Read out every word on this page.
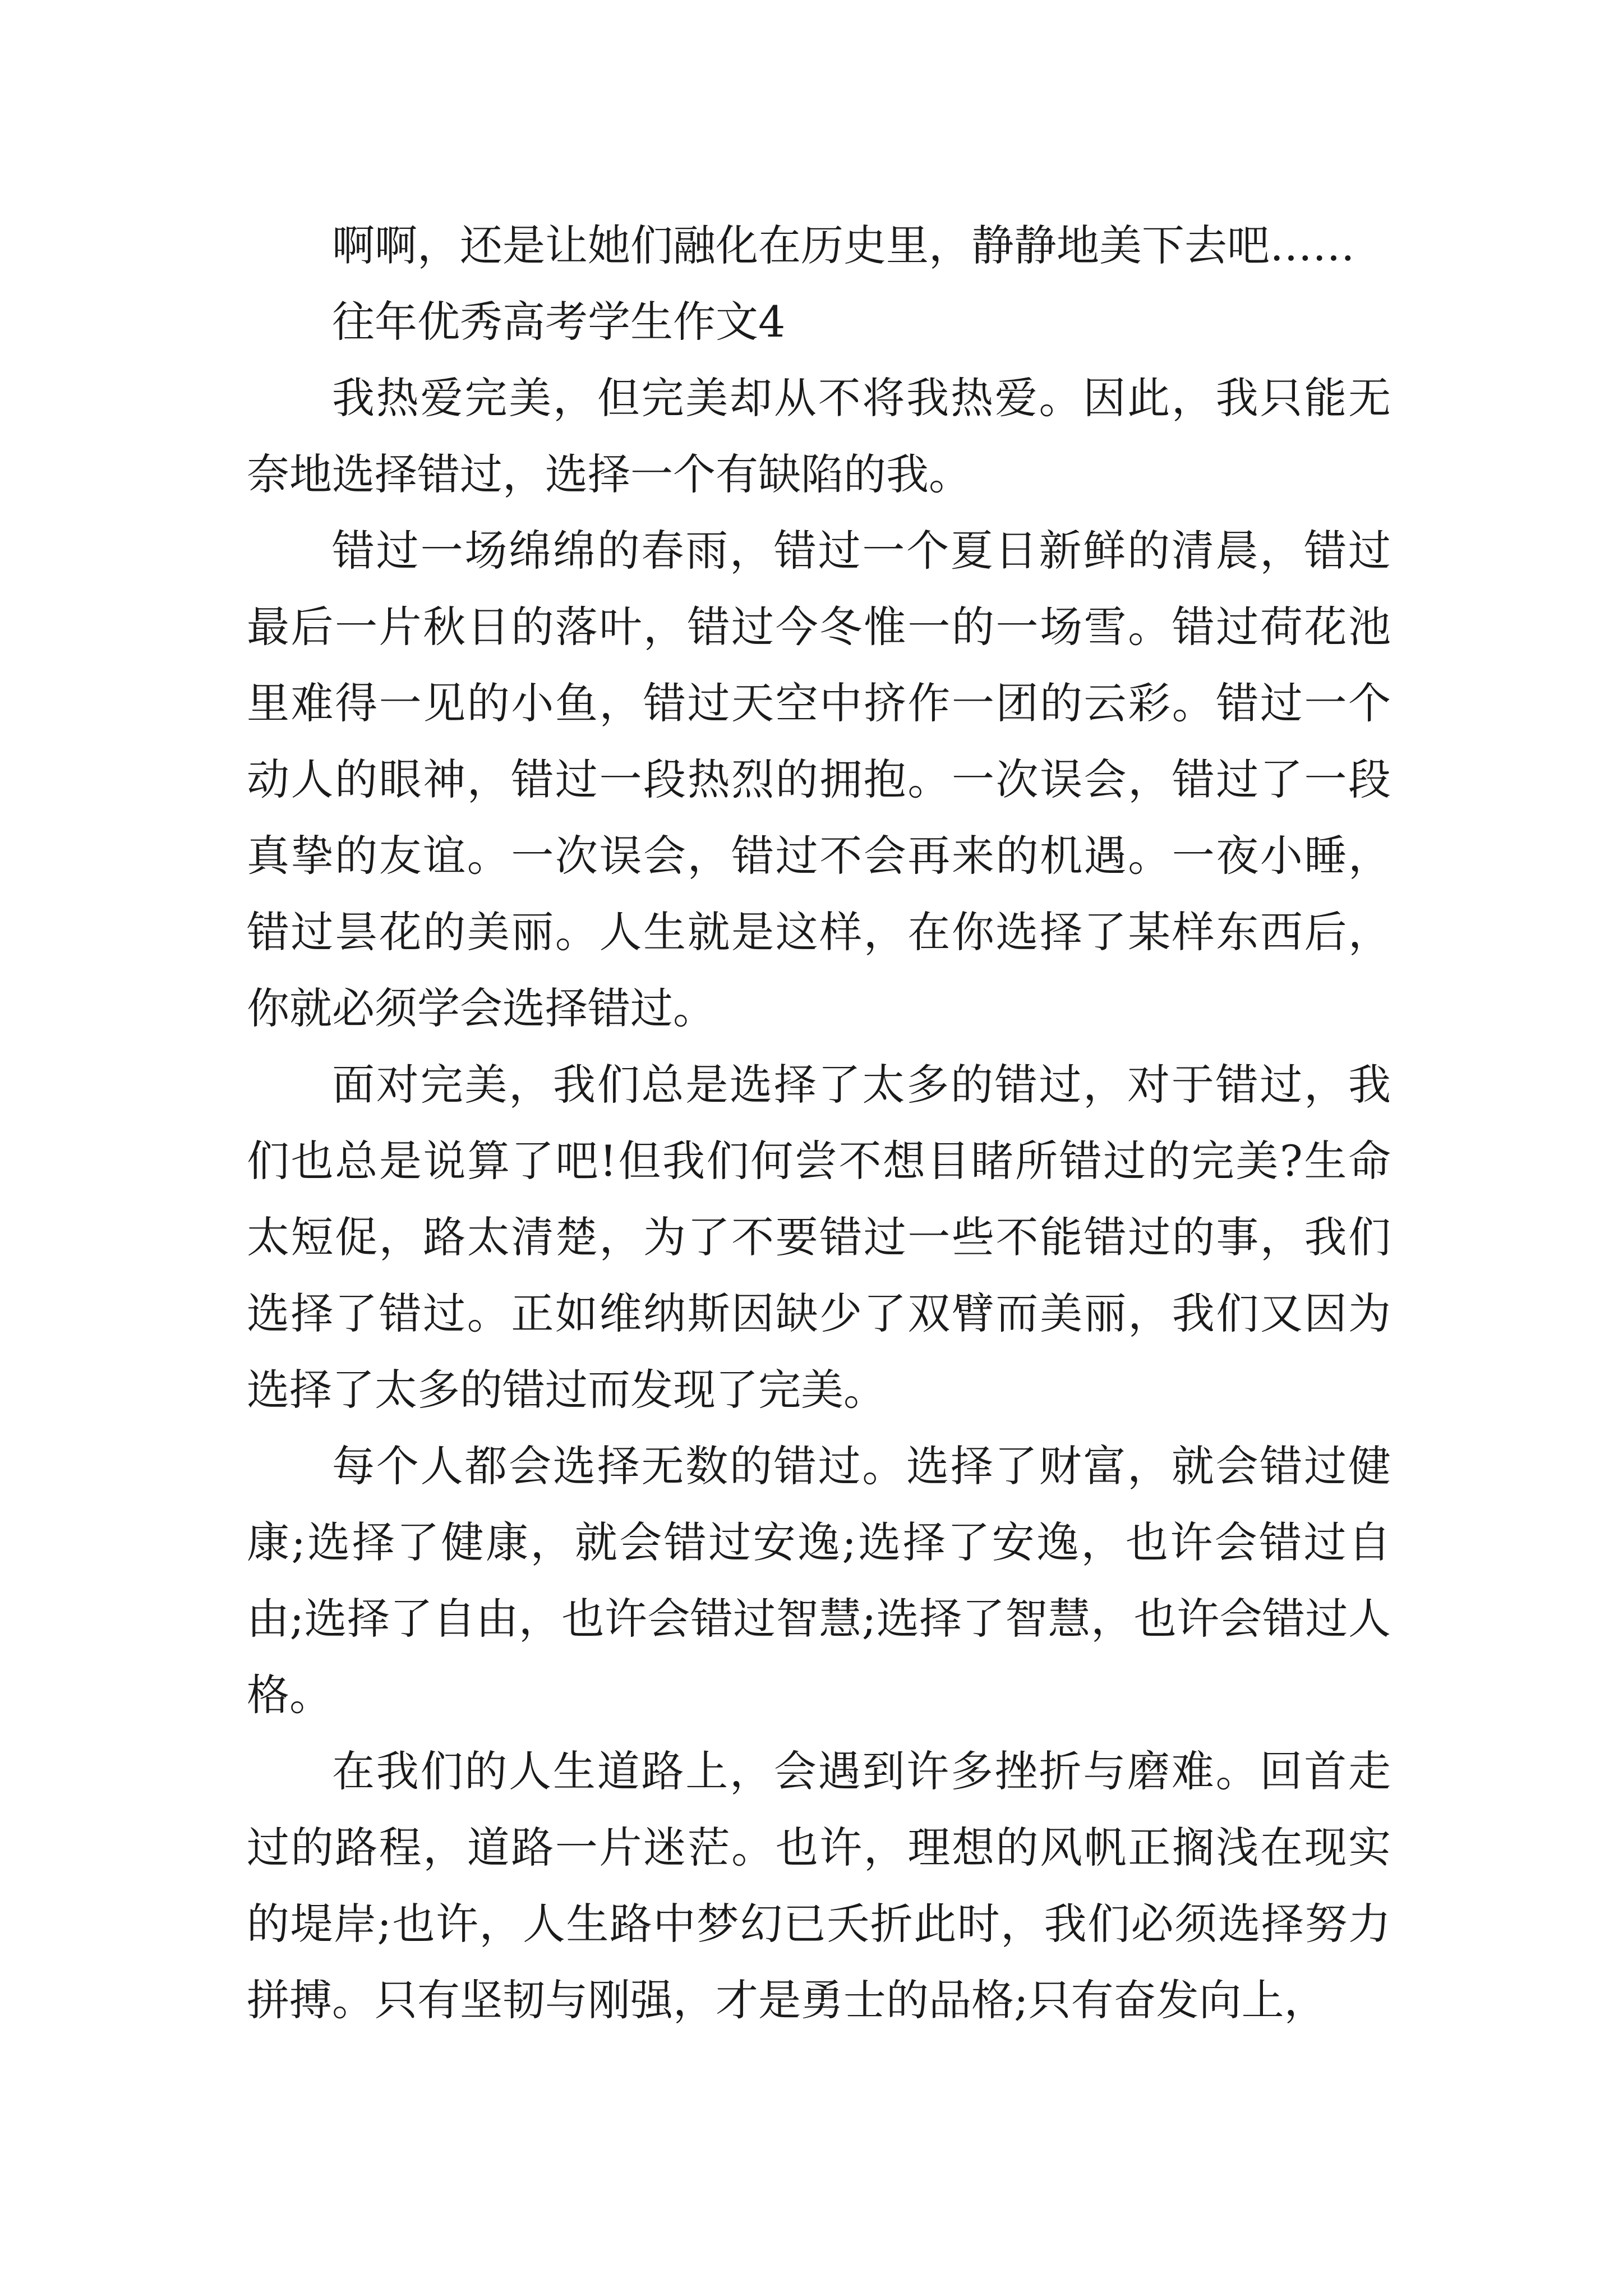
啊啊，还是让她们融化在历史里，静静地美下去吧……

往年优秀高考学生作文4

我热爱完美，但完美却从不将我热爱。因此，我只能无奈地选择错过，选择一个有缺陷的我。

错过一场绵绵的春雨，错过一个夏日新鲜的清晨，错过最后一片秋日的落叶，错过今冬惟一的一场雪。错过荷花池里难得一见的小鱼，错过天空中挤作一团的云彩。错过一个动人的眼神，错过一段热烈的拥抱。一次误会，错过了一段真挚的友谊。一次误会，错过不会再来的机遇。一夜小睡，错过昙花的美丽。人生就是这样，在你选择了某样东西后，你就必须学会选择错过。

面对完美，我们总是选择了太多的错过，对于错过，我们也总是说算了吧!但我们何尝不想目睹所错过的完美?生命太短促，路太清楚，为了不要错过一些不能错过的事，我们选择了错过。正如维纳斯因缺少了双臂而美丽，我们又因为选择了太多的错过而发现了完美。

每个人都会选择无数的错过。选择了财富，就会错过健康;选择了健康，就会错过安逸;选择了安逸，也许会错过自由;选择了自由，也许会错过智慧;选择了智慧，也许会错过人格。

在我们的人生道路上，会遇到许多挫折与磨难。回首走过的路程，道路一片迷茫。也许，理想的风帆正搁浅在现实的堤岸;也许，人生路中梦幻已夭折此时，我们必须选择努力拼搏。只有坚韧与刚强，才是勇士的品格;只有奋发向上，
